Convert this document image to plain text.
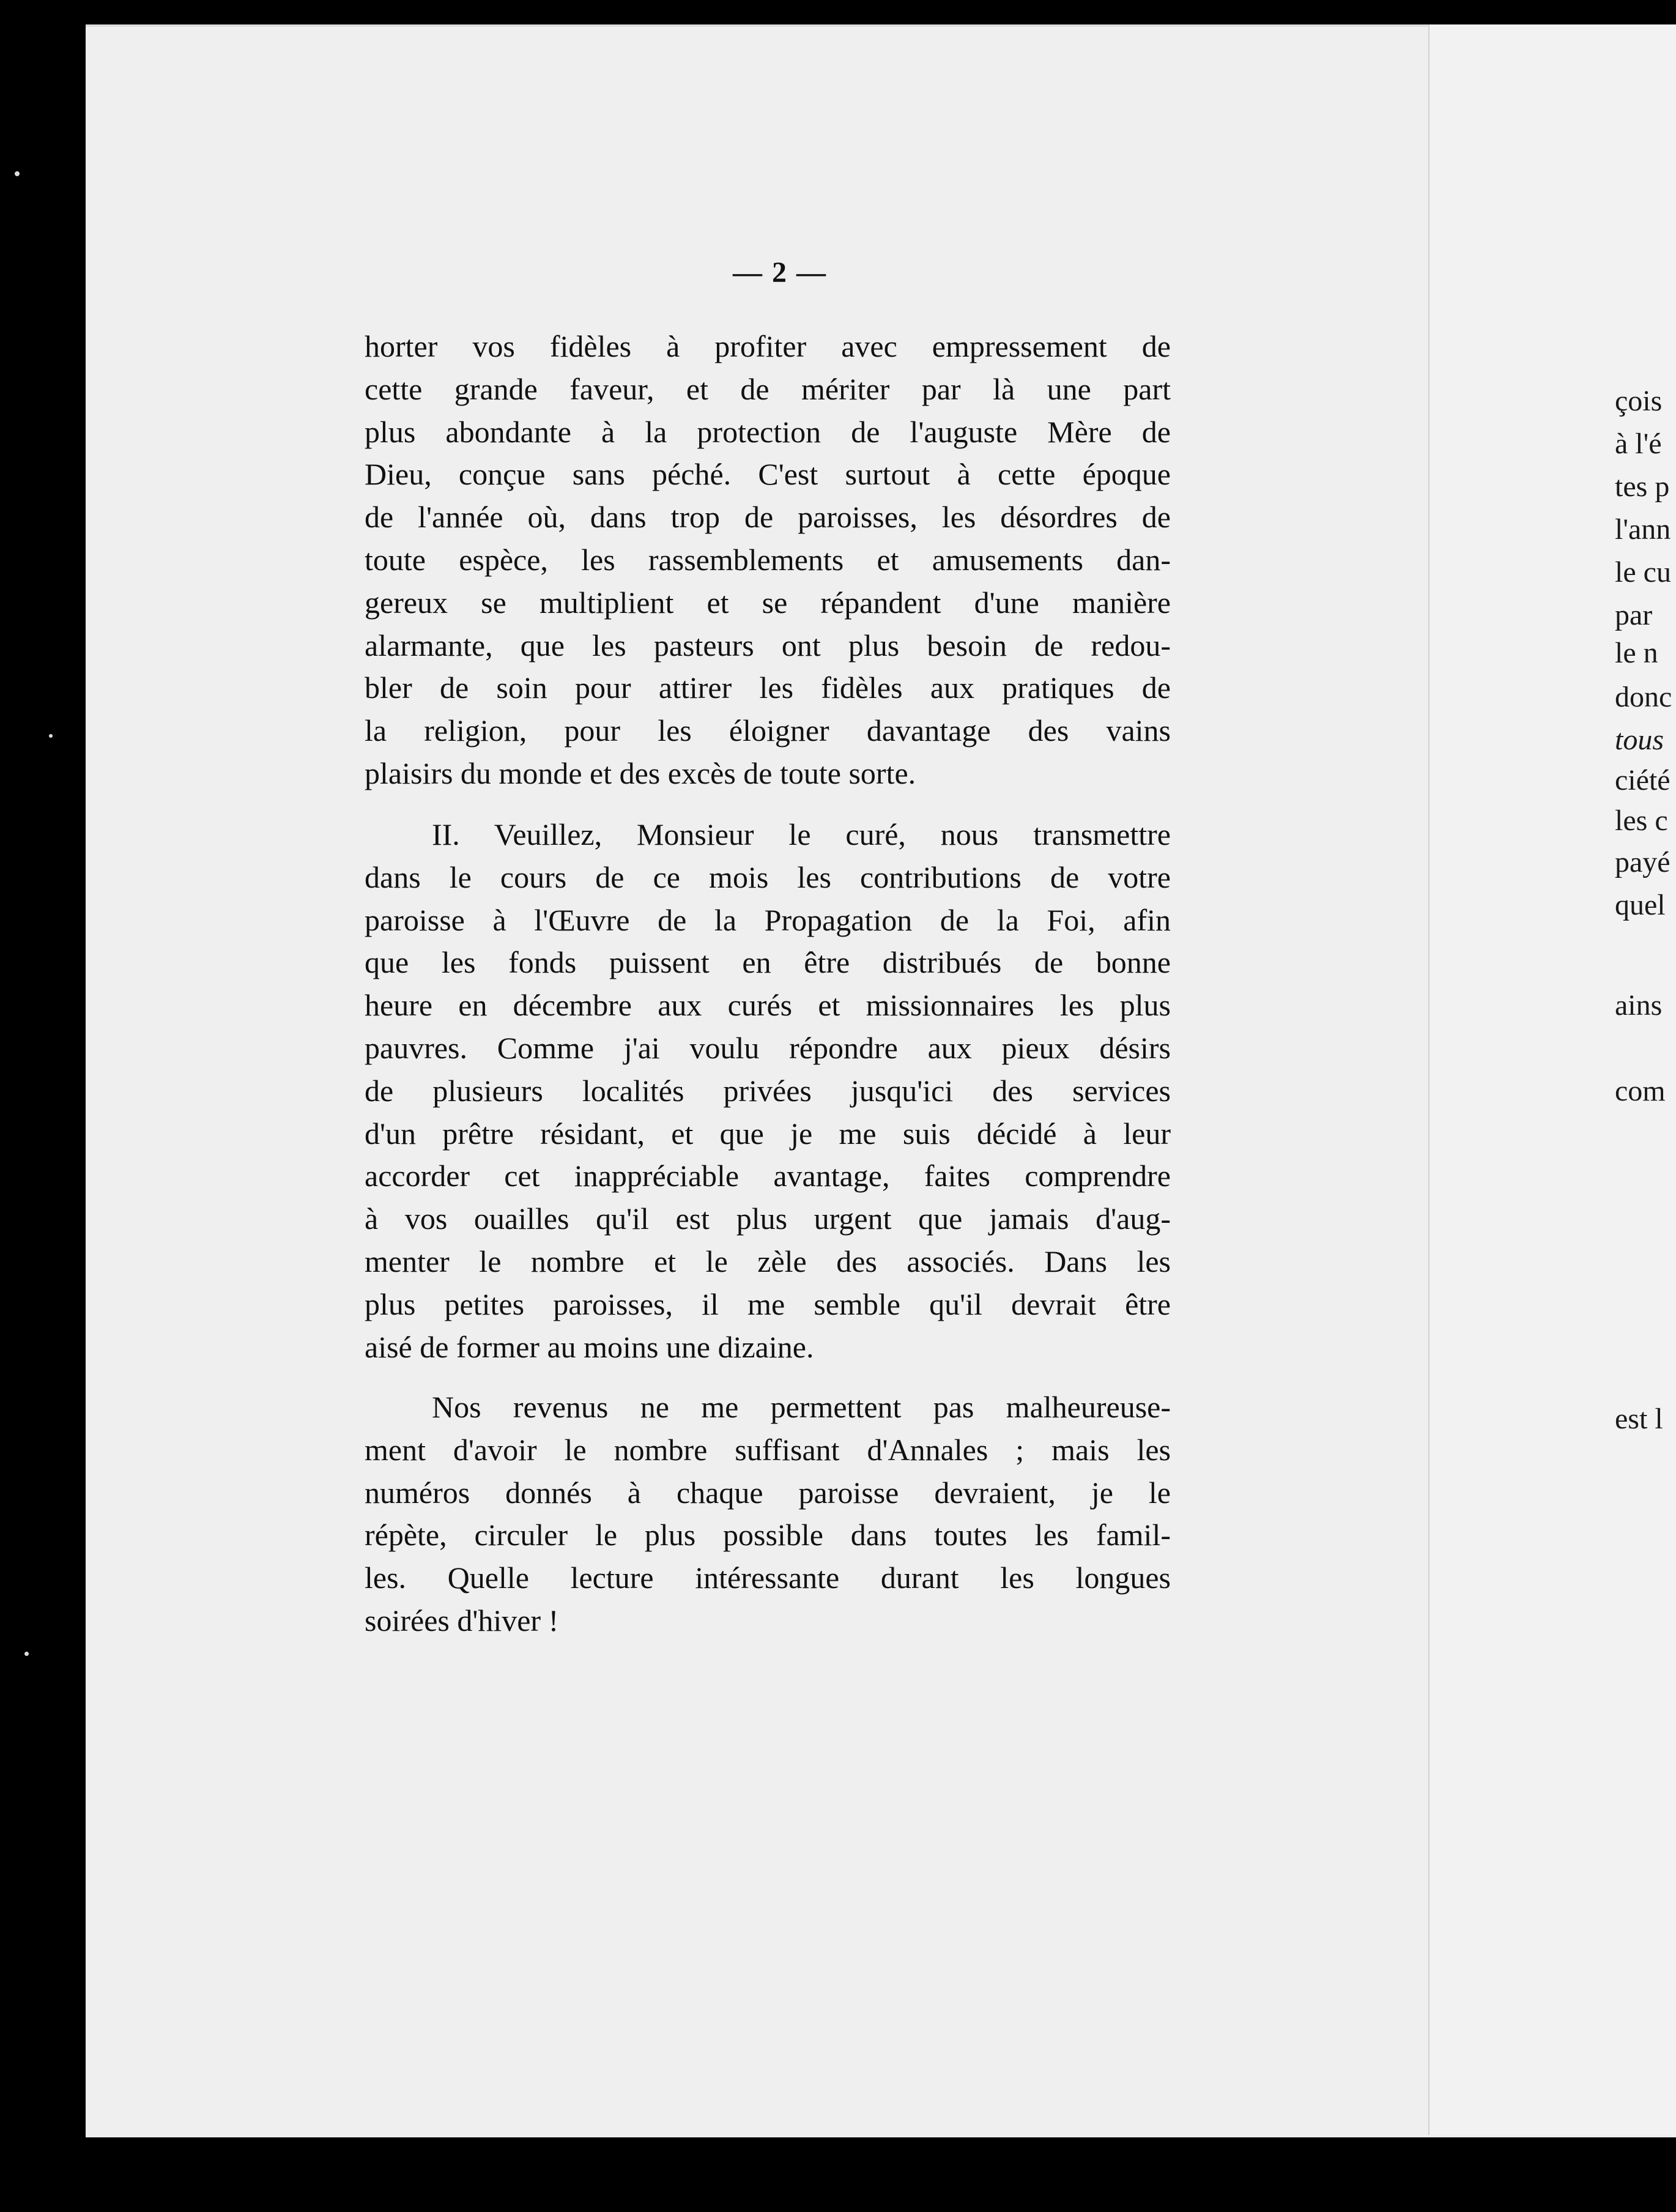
— 2 —
horter vos fidèles à profiter avec empressement de
cette grande faveur, et de mériter par là une part
plus abondante à la protection de l'auguste Mère de
Dieu, conçue sans péché. C'est surtout à cette époque
de l'année où, dans trop de paroisses, les désordres de
toute espèce, les rassemblements et amusements dan-
gereux se multiplient et se répandent d'une manière
alarmante, que les pasteurs ont plus besoin de redou-
bler de soin pour attirer les fidèles aux pratiques de
la religion, pour les éloigner davantage des vains
plaisirs du monde et des excès de toute sorte.
II. Veuillez, Monsieur le curé, nous transmettre
dans le cours de ce mois les contributions de votre
paroisse à l'Œuvre de la Propagation de la Foi, afin
que les fonds puissent en être distribués de bonne
heure en décembre aux curés et missionnaires les plus
pauvres. Comme j'ai voulu répondre aux pieux désirs
de plusieurs localités privées jusqu'ici des services
d'un prêtre résidant, et que je me suis décidé à leur
accorder cet inappréciable avantage, faites comprendre
à vos ouailles qu'il est plus urgent que jamais d'aug-
menter le nombre et le zèle des associés. Dans les
plus petites paroisses, il me semble qu'il devrait être
aisé de former au moins une dizaine.
Nos revenus ne me permettent pas malheureuse-
ment d'avoir le nombre suffisant d'Annales ; mais les
numéros donnés à chaque paroisse devraient, je le
répète, circuler le plus possible dans toutes les famil-
les. Quelle lecture intéressante durant les longues
soirées d'hiver !
çois
à l'é
tes p
l'ann
le cu
par
le n
donc
tous
ciété
les c
payé
quel
ains
com
est l
